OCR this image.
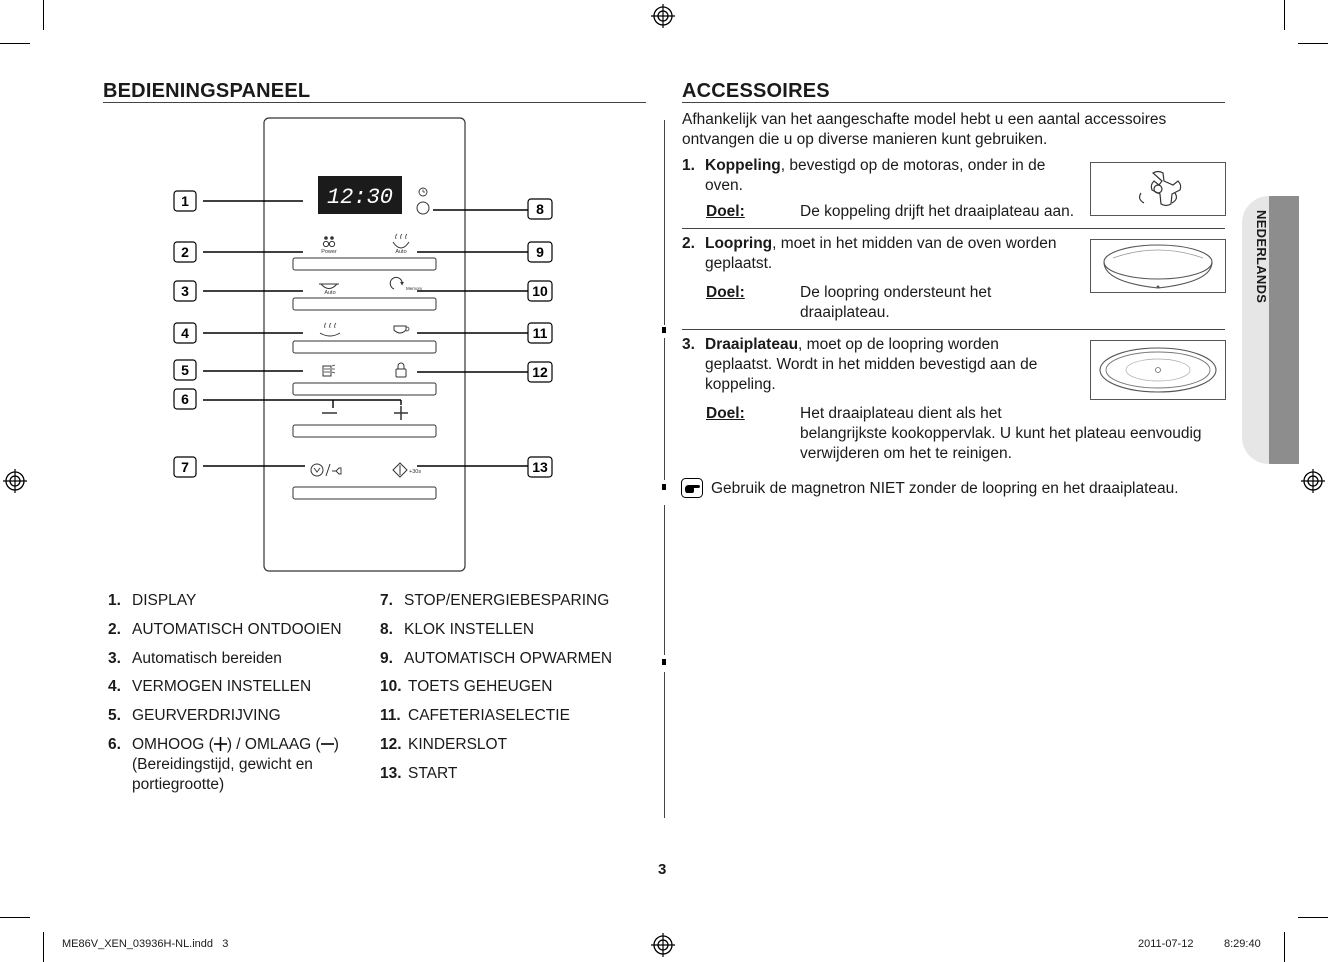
BEDIENINGSPANEEL
12:30
Power	Auto
Auto
Memory
+30s
1
2
3
4
5
6
7
8
9
10
11
12
13
1. DISPLAY
2. AUTOMATISCH ONTDOOIEN
3. Automatisch bereiden
4. VERMOGEN INSTELLEN
5. GEURVERDRIJVING
6. OMHOOG ( ) / OMLAAG ( )
(Bereidingstijd, gewicht en
portiegrootte)
7. STOP/ENERGIEBESPARING
8. KLOK INSTELLEN
9. AUTOMATISCH OPWARMEN
10. TOETS GEHEUGEN
11. CAFETERIASELECTIE
12. KINDERSLOT
13. START
ACCESSOIRES
Afhankelijk van het aangeschafte model hebt u een aantal accessoires
ontvangen die u op diverse manieren kunt gebruiken.
1. Koppeling, bevestigd op de motoras, onder in de
oven.
Doel:	De koppeling drijft het draaiplateau aan.
2. Loopring, moet in het midden van de oven worden
geplaatst.
Doel:	De loopring ondersteunt het
draaiplateau.
3. Draaiplateau, moet op de loopring worden
geplaatst. Wordt in het midden bevestigd aan de
koppeling.
Doel:	Het draaiplateau dient als het
belangrijkste kookoppervlak. U kunt het plateau eenvoudig
verwijderen om het te reinigen.
Gebruik de magnetron NIET zonder de loopring en het draaiplateau.
NEDERLANDS
3
ME86V_XEN_03936H-NL.indd   3	2011-07-12	8:29:40
